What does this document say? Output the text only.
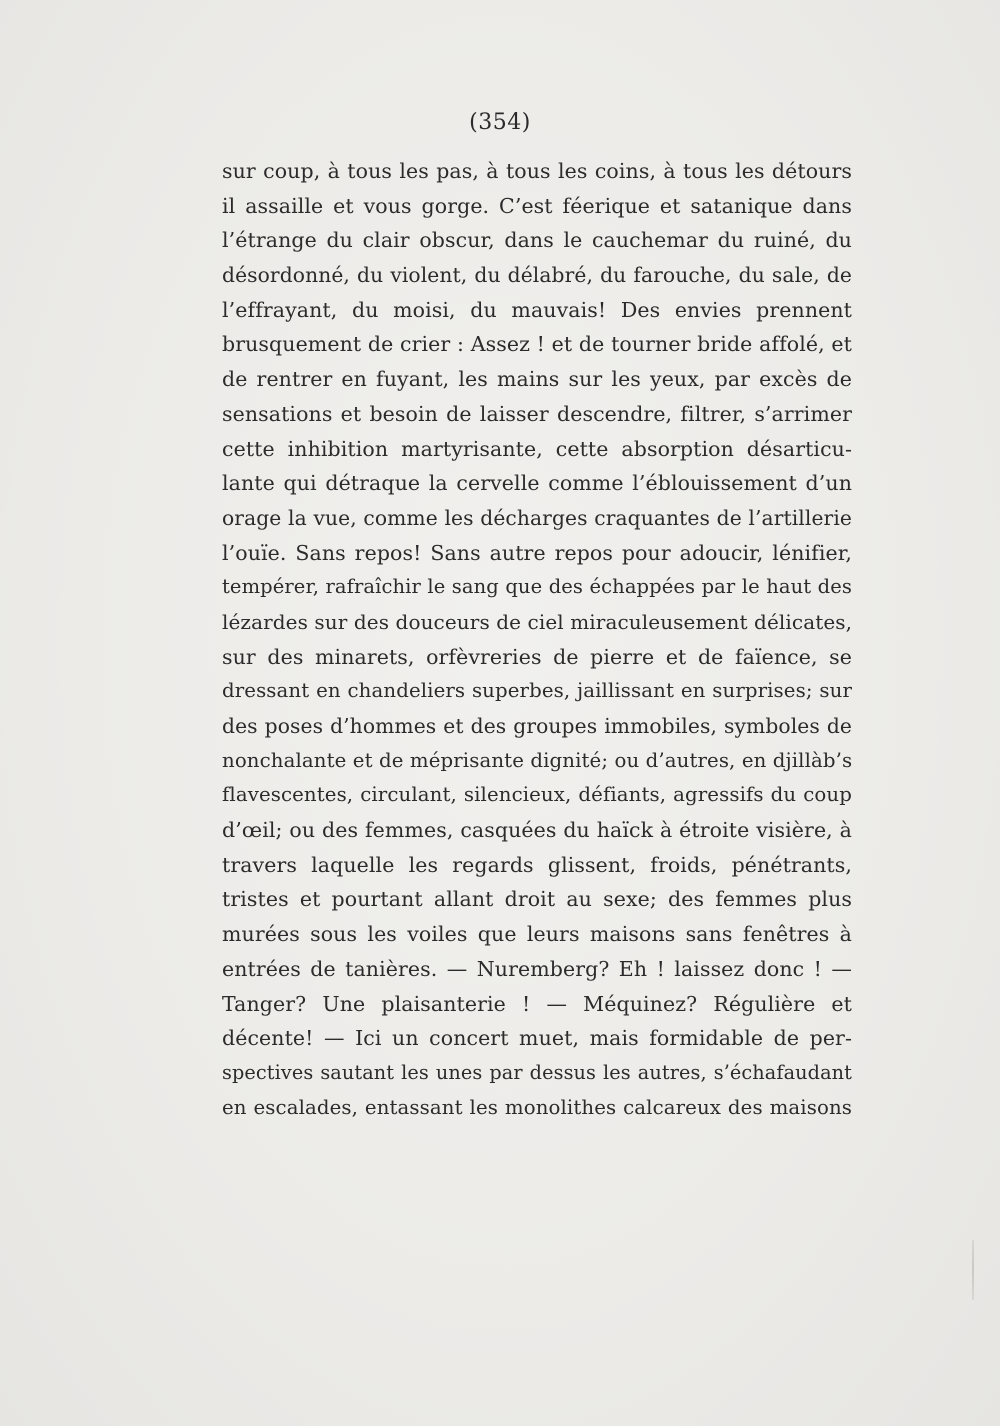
(354)
sur coup, à tous les pas, à tous les coins, à tous les détours
il assaille et vous gorge. C’est féerique et satanique dans
l’étrange du clair obscur, dans le cauchemar du ruiné, du
désordonné, du violent, du délabré, du farouche, du sale, de
l’effrayant, du moisi, du mauvais! Des envies prennent
brusquement de crier : Assez ! et de tourner bride affolé, et
de rentrer en fuyant, les mains sur les yeux, par excès de
sensations et besoin de laisser descendre, filtrer, s’arrimer
cette inhibition martyrisante, cette absorption désarticu-
lante qui détraque la cervelle comme l’éblouissement d’un
orage la vue, comme les décharges craquantes de l’artillerie
l’ouïe. Sans repos! Sans autre repos pour adoucir, lénifier,
tempérer, rafraîchir le sang que des échappées par le haut des
lézardes sur des douceurs de ciel miraculeusement délicates,
sur des minarets, orfèvreries de pierre et de faïence, se
dressant en chandeliers superbes, jaillissant en surprises; sur
des poses d’hommes et des groupes immobiles, symboles de
nonchalante et de méprisante dignité; ou d’autres, en djillàb’s
flavescentes, circulant, silencieux, défiants, agressifs du coup
d’œil; ou des femmes, casquées du haïck à étroite visière, à
travers laquelle les regards glissent, froids, pénétrants,
tristes et pourtant allant droit au sexe; des femmes plus
murées sous les voiles que leurs maisons sans fenêtres à
entrées de tanières. — Nuremberg? Eh ! laissez donc ! —
Tanger? Une plaisanterie ! — Méquinez? Régulière et
décente! — Ici un concert muet, mais formidable de per-
spectives sautant les unes par dessus les autres, s’échafaudant
en escalades, entassant les monolithes calcareux des maisons
